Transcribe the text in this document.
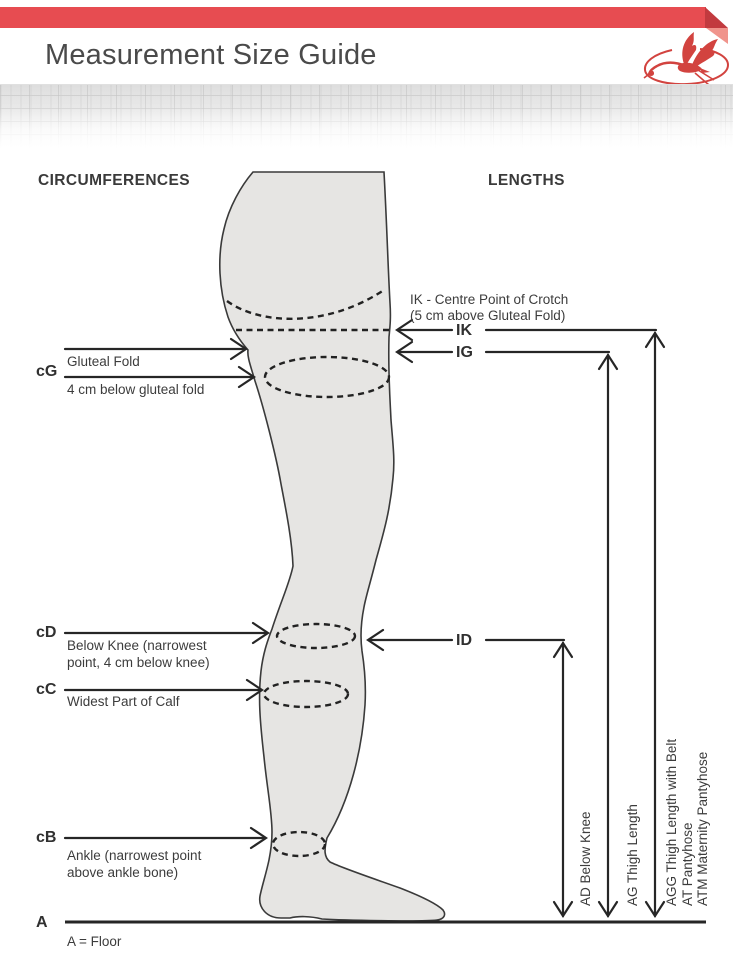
Measurement Size Guide
CIRCUMFERENCES	LENGTHS
cG
Gluteal Fold
4 cm below gluteal fold
cD
Below Knee (narrowest
point, 4 cm below knee)
cC
Widest Part of Calf
cB
Ankle (narrowest point
above ankle bone)
A
A = Floor
IK - Centre Point of Crotch
(5 cm above Gluteal Fold)
IK
IG
ID
AD Below Knee AG Thigh Length AGG Thigh Length with Belt AT Pantyhose ATM Maternity Pantyhose
